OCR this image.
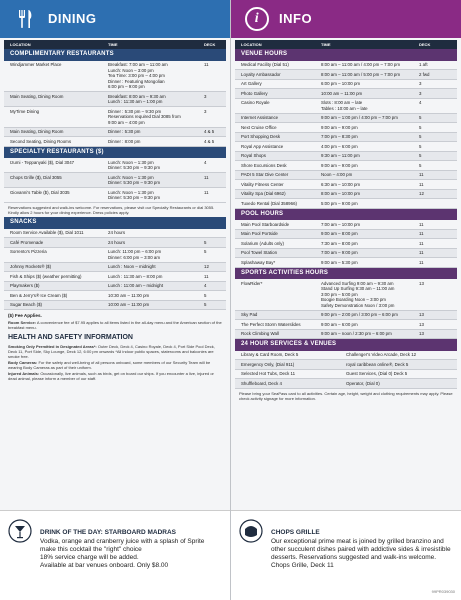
DINING
LOCATION	TIME	DECK
COMPLIMENTARY RESTAURANTS
Windjammer Market Place	Breakfast: 7:00 am – 11:00 am
Lunch: Noon – 3:00 pm
Tea Time: 3:00 pm – 4:00 pm
Dinner : Featuring Mongolian
6:00 pm – 9:00 pm
11
Main Seating, Dining Room	Breakfast: 8:00 am – 9:30 am
Lunch : 11:30 am – 1:00 pm
3
MyTime Dining	Dinner : 5:30 pm – 9:30 pm
Reservations required Dial 3085 from
9:00 am – 4:00 pm
3
Main Seating, Dining Room	Dinner : 5:30 pm	4 & 5
Second Seating, Dining Rooms	Dinner : 8:00 pm	4 & 5
SPECIALTY RESTAURANTS ($)
Izumi - Teppanyaki ($), Dial 3047	Lunch: Noon – 1:30 pm
Dinner: 5:30 pm – 9:30 pm
4
Chops Grille ($), Dial 3055	Lunch: Noon – 1:30 pm
Dinner: 5:30 pm – 9:30 pm
11
Giovanni's Table ($), Dial 3035	Lunch: Noon – 1:30 pm
Dinner: 5:30 pm – 9:30 pm
11

Reservations suggested and walk-ins welcome. For reservations, please visit our Specialty Restaurants or dial 3055. Kindly allow 2 hours for your dining experience. Dress policies apply.

SNACKS
Room Service Available ($), Dial 1011	24 hours
Café Promenade	24 hours	5
Sorrento's Pizzeria	Lunch: 11:00 pm – 6:00 pm
Dinner: 6:00 pm – 3:00 am
5
Johnny Rockets® ($)	Lunch : Noon – midnight	12
Fish & Ships ($) (weather permitting)	Lunch : 11:30 am – 8:00 pm	11
Playmakers ($)	Lunch : 11:00 am – midnight	4
Ben & Jerry's® Ice Cream ($)	10:30 am – 11:00 pm	5
Sugar Beach ($)	10:00 am – 11:00 pm	5

($) Fee Applies.

Room Service: A convenience fee of $7.95 applies to all items listed in the all-day menu and the American section of the breakfast menu.

HEALTH AND SAFETY INFORMATION

Smoking Only Permitted in Designated Areas*: Outer Deck, Deck 4, Casino Royale, Deck 4, Port Side Pool Deck, Deck 11, Port Side, Sky Lounge, Deck 12, 6:00 pm onwards *All indoor public spaces, staterooms and balconies are smoke free.

Body Cameras: For the safety and well-being of all persons onboard, some members of our Security Team will be wearing Body Cameras as part of their uniform.

Injured Animals: Occasionally, live animals, such as birds, get on board our ships. If you encounter a live, injured or dead animal, please inform a member of our staff.

i	INFO
LOCATION	TIME	DECK
VENUE HOURS
Medical Facility (Dial 51)	8:00 am – 11:00 am / 4:00 pm – 7:00 pm	1 aft
Loyalty Ambassador	8:00 am – 11:00 am / 5:00 pm – 7:00 pm	2 fwd
Art Gallery	6:00 pm – 10:00 pm	3
Photo Gallery	10:00 am – 11:00 pm	3
Casino Royale	Slots : 8:00 am – late
Tables : 10:00 am – late
4
Internet Assistance	9:00 am – 1:00 pm / 4:00 pm – 7:00 pm	5
Next Cruise Office	9:00 am – 9:00 pm	5
Port Shopping Desk	7:00 pm – 8:30 pm	5
Royal App Assistance	4:00 pm – 6:00 pm	5
Royal Shops	9:30 am – 11:00 pm	5
Shore Excursions Desk	9:00 am – 9:00 pm	5
PADI 5 Star Dive Center	Noon – 4:00 pm	11
Vitality Fitness Center	6:30 am – 10:00 pm	11
Vitality Spa (Dial 6962)	8:00 am – 10:00 pm	12
Tuxedo Rental (Dial 358966)	5:00 pm – 9:00 pm
POOL HOURS
Main Pool Starboardside	7:00 am – 10:00 pm	11
Main Pool Portside	9:00 am – 8:00 pm	11
Solarium (Adults only)	7:30 am – 8:00 pm	11
Pool Towel Station	7:00 am – 9:00 pm	11
Splashaway Bay*	9:00 am – 5:30 pm	11
SPORTS ACTIVITIES HOURS
FlowRider*	Advanced Surfing 9:00 am – 9:30 am
Stand Up Surfing 9:30 am – 11:00 am
3:00 pm – 5:00 pm
Boogie Boarding Noon – 3:00 pm
Safety Demonstration Noon / 3:00 pm
13
Sky Pad	9:00 pm – 2:00 pm / 3:00 pm – 6:00 pm	13
The Perfect Storm Waterslides	9:00 am – 6:00 pm	13
Rock Climbing Wall	9:00 am – noon / 2:30 pm – 6:00 pm	13
24 HOUR SERVICES & VENUES
Library & Card Room, Deck 5	Challenger's Video Arcade, Deck 12
Emergency Only, (Dial 911)	royal caribbean online®, Deck 5
Selected Hot Tubs, Deck 11	Guest Services, (Dial 0) Deck 5
Shuffleboard, Deck 4	Operator, (Dial 0)

Please bring your SeaPass card to all activities. Certain age, height, weight and clothing requirements may apply. Please check activity signage for more information.

DRINK OF THE DAY: STARBOARD MADRAS
Vodka, orange and cranberry juice with a splash of Sprite make this cocktail the "right" choice
18% service charge will be added.
Available at bar venues onboard. Only $8.00
CHOPS GRILLE
Our exceptional prime meat is joined by grilled branzino and other succulent dishes paired with addictive sides & irresistible desserts. Reservations suggested and walk-ins welcome. Chops Grille, Deck 11
99PR039030
